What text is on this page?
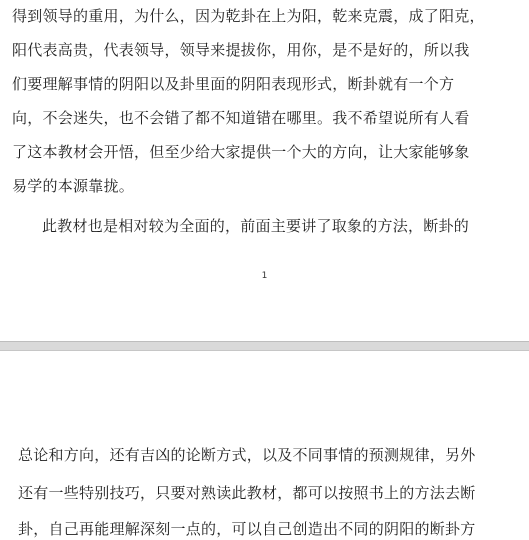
得到领导的重用，为什么，因为乾卦在上为阳，乾来克震，成了阳克，
阳代表高贵，代表领导，领导来提拔你，用你，是不是好的，所以我
们要理解事情的阴阳以及卦里面的阴阳表现形式，断卦就有一个方
向，不会迷失，也不会错了都不知道错在哪里。我不希望说所有人看
了这本教材会开悟，但至少给大家提供一个大的方向，让大家能够象
易学的本源靠拢。
此教材也是相对较为全面的，前面主要讲了取象的方法，断卦的
1
总论和方向，还有吉凶的论断方式，以及不同事情的预测规律，另外
还有一些特别技巧，只要对熟读此教材，都可以按照书上的方法去断
卦，自己再能理解深刻一点的，可以自己创造出不同的阴阳的断卦方
